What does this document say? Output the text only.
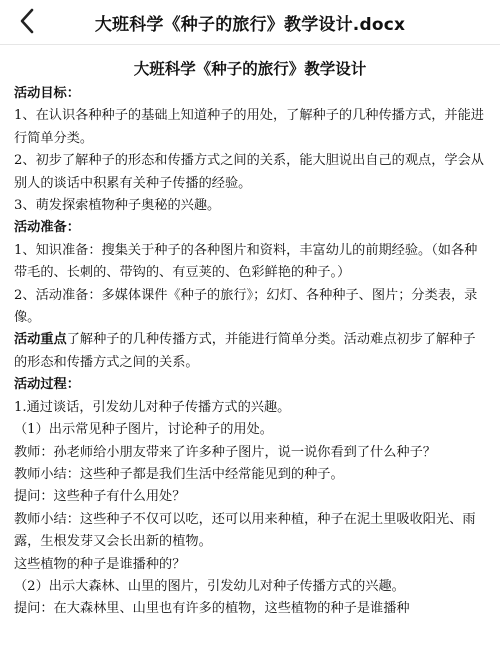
大班科学《种子的旅行》教学设计.docx
大班科学《种子的旅行》教学设计
活动目标：

1、在认识各种种子的基础上知道种子的用处，了解种子的几种传播方式，并能进行简单分类。

2、初步了解种子的形态和传播方式之间的关系，能大胆说出自己的观点，学会从别人的谈话中积累有关种子传播的经验。

3、萌发探索植物种子奥秘的兴趣。

活动准备：

1、知识准备：搜集关于种子的各种图片和资料，丰富幼儿的前期经验。（如各种带毛的、长刺的、带钩的、有豆荚的、色彩鲜艳的种子。）

2、活动准备：多媒体课件《种子的旅行》；幻灯、各种种子、图片；分类表，录像。

活动重点了解种子的几种传播方式，并能进行简单分类。活动难点初步了解种子的形态和传播方式之间的关系。

活动过程：

1.通过谈话，引发幼儿对种子传播方式的兴趣。

（1）出示常见种子图片，讨论种子的用处。

教师：孙老师给小朋友带来了许多种子图片，说一说你看到了什么种子？

教师小结：这些种子都是我们生活中经常能见到的种子。

提问：这些种子有什么用处？

教师小结：这些种子不仅可以吃，还可以用来种植，种子在泥土里吸收阳光、雨露，生根发芽又会长出新的植物。

这些植物的种子是谁播种的？

（2）出示大森林、山里的图片，引发幼儿对种子传播方式的兴趣。

提问：在大森林里、山里也有许多的植物，这些植物的种子是谁播种
